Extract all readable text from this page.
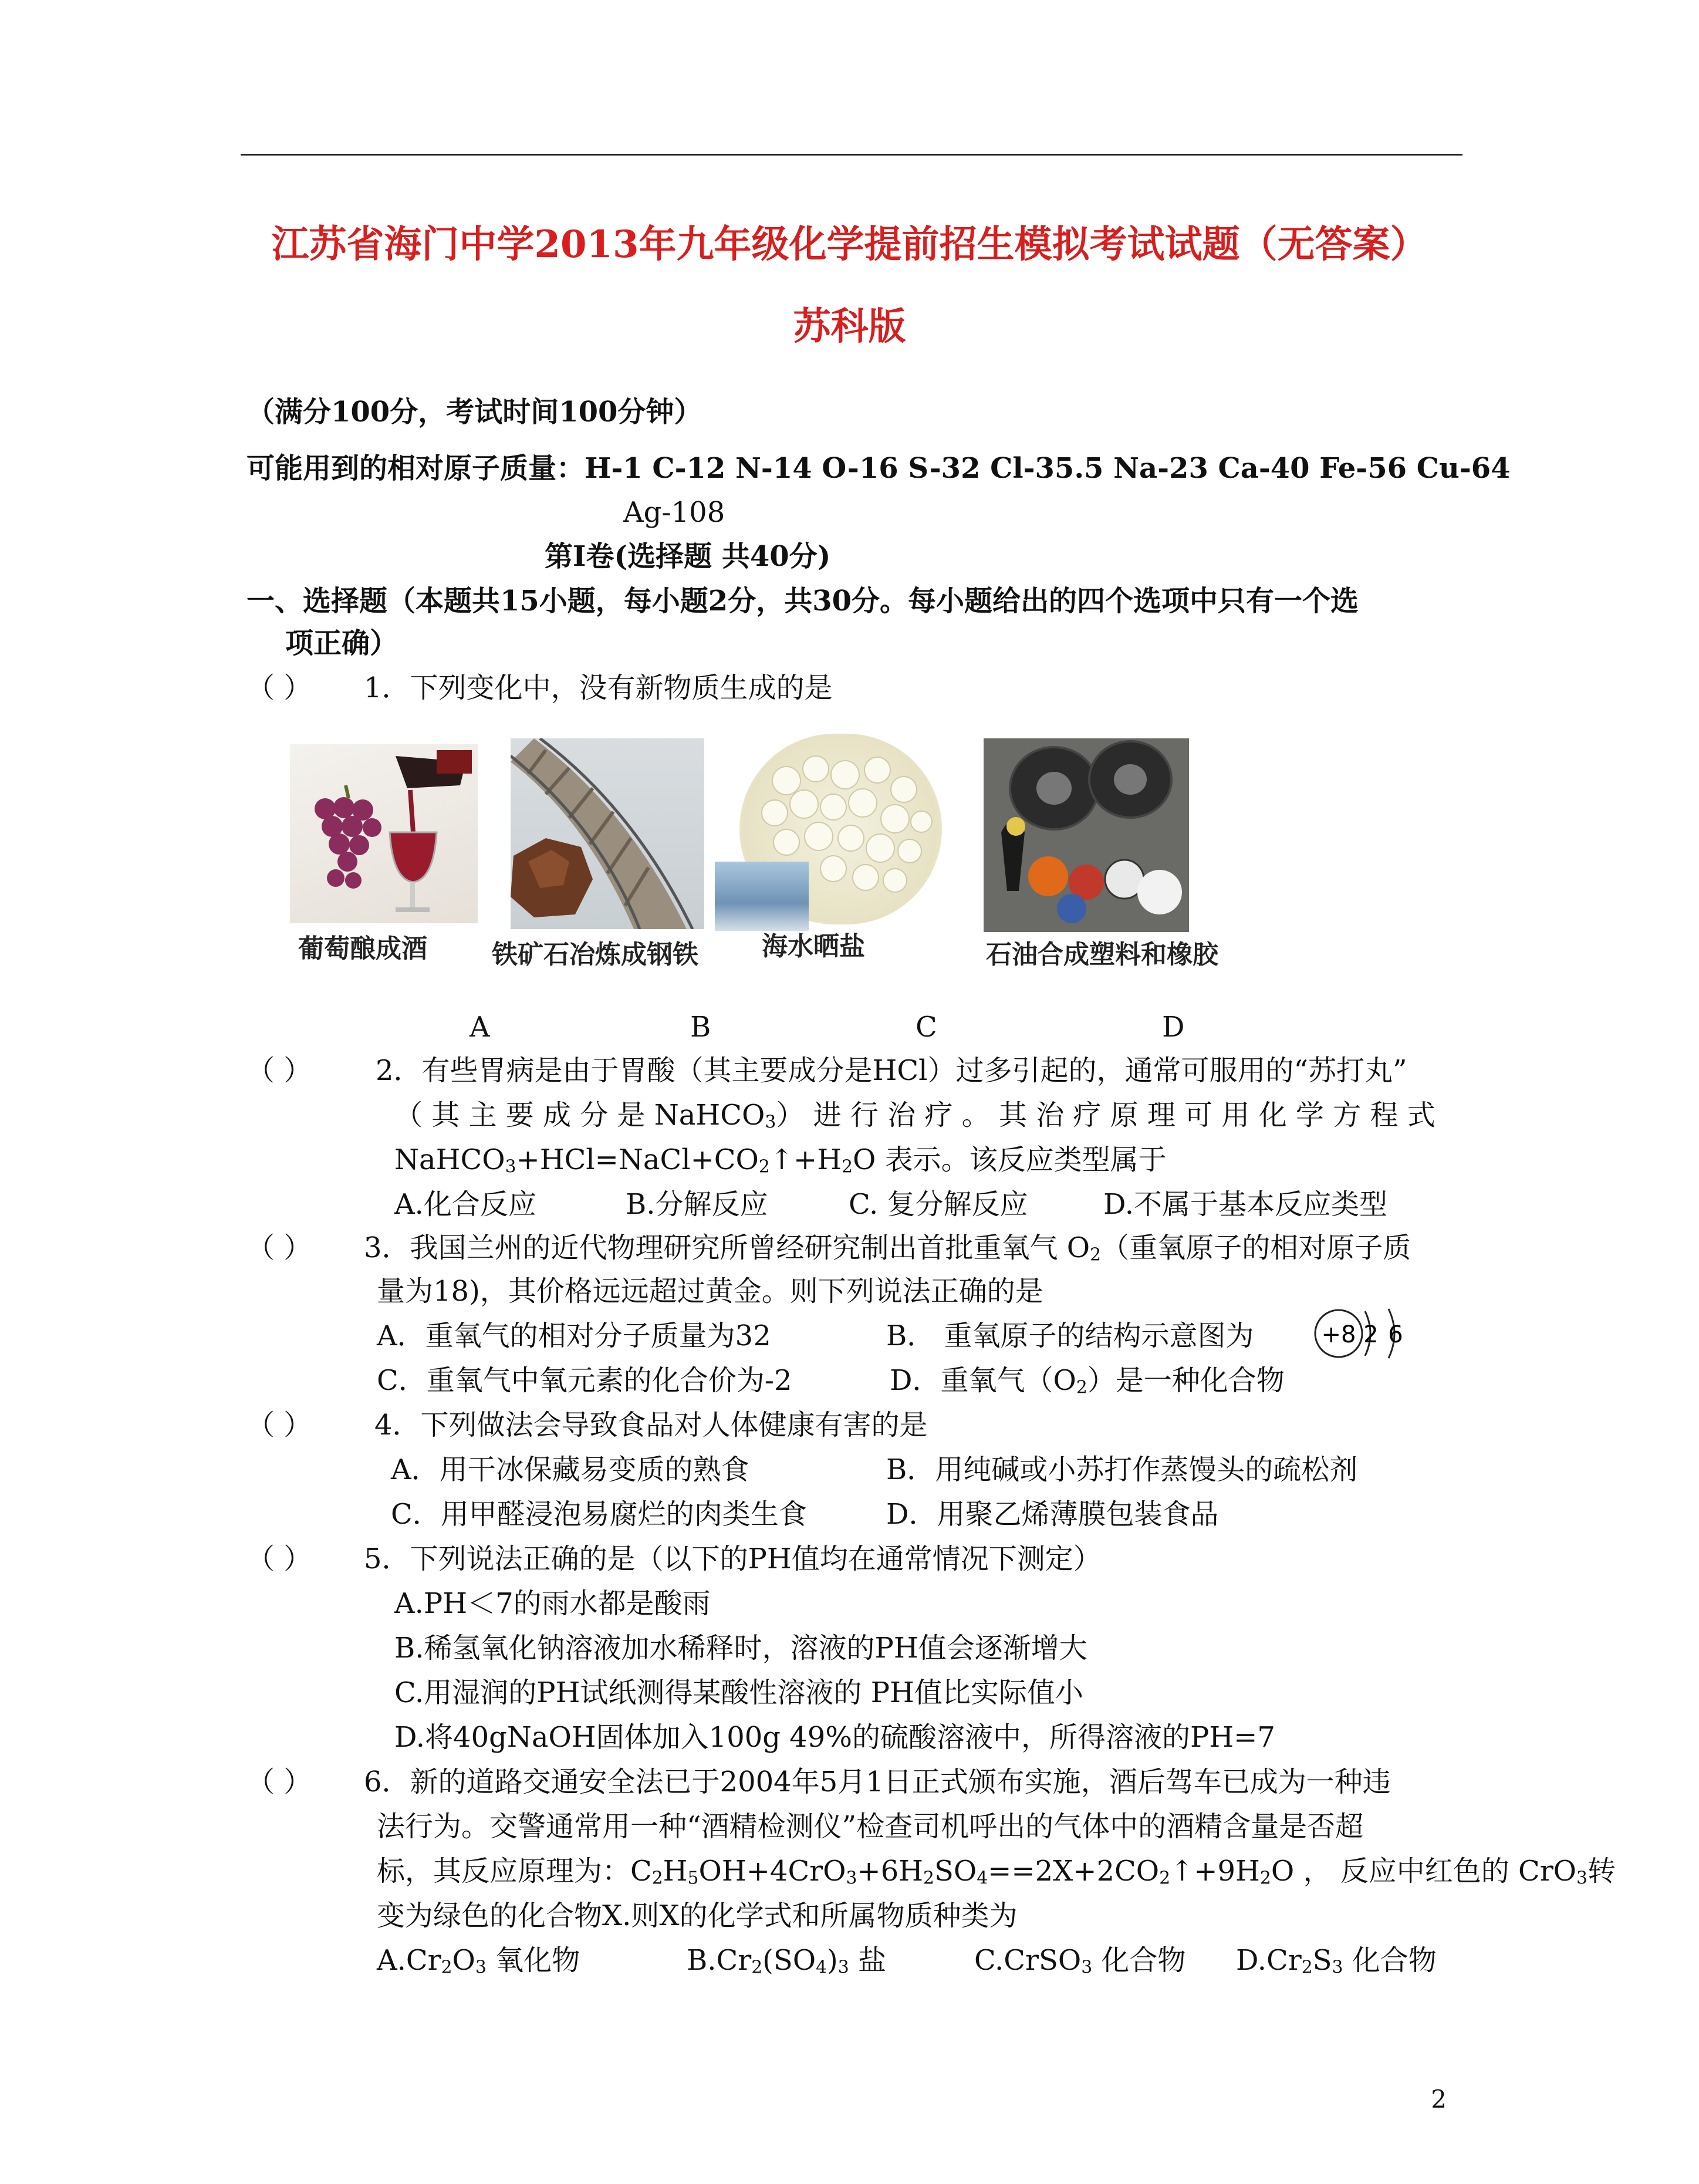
江苏省海门中学2013年九年级化学提前招生模拟考试试题（无答案）
苏科版
（满分100分，考试时间100分钟）
可能用到的相对原子质量：H-1 C-12 N-14 O-16 S-32 Cl-35.5 Na-23 Ca-40 Fe-56 Cu-64
Ag-108
第Ⅰ卷(选择题 共40分)
一、选择题（本题共15小题，每小题2分，共30分。每小题给出的四个选项中只有一个选
项正确）
（ ） 1．下列变化中，没有新物质生成的是
葡萄酿成酒	铁矿石冶炼成钢铁 海水晒盐	石油合成塑料和橡胶
A	B	C	D
（ ） 2．有些胃病是由于胃酸（其主要成分是HCl）过多引起的，通常可服用的“苏打丸”
（ 其 主 要 成 分 是 NaHCO3） 进 行 治 疗 。 其 治 疗 原 理 可 用 化 学 方 程 式
NaHCO3+HCl=NaCl+CO2↑+H2O 表示。该反应类型属于
A.化合反应	B.分解反应	C. 复分解反应	D.不属于基本反应类型
（ ） 3．我国兰州的近代物理研究所曾经研究制出首批重氧气 O2（重氧原子的相对原子质
量为18)，其价格远远超过黄金。则下列说法正确的是
A．重氧气的相对分子质量为32	B． 重氧原子的结构示意图为	+8 2 6
C．重氧气中氧元素的化合价为-2	D．重氧气（O2）是一种化合物
（ ） 4．下列做法会导致食品对人体健康有害的是
A．用干冰保藏易变质的熟食	B．用纯碱或小苏打作蒸馒头的疏松剂
C．用甲醛浸泡易腐烂的肉类生食	D．用聚乙烯薄膜包装食品
（ ） 5．下列说法正确的是（以下的PH值均在通常情况下测定）
A.PH＜7的雨水都是酸雨
B.稀氢氧化钠溶液加水稀释时，溶液的PH值会逐渐增大
C.用湿润的PH试纸测得某酸性溶液的 PH值比实际值小
D.将40gNaOH固体加入100g 49%的硫酸溶液中，所得溶液的PH=7
（ ） 6．新的道路交通安全法已于2004年5月1日正式颁布实施，酒后驾车已成为一种违
法行为。交警通常用一种“酒精检测仪”检查司机呼出的气体中的酒精含量是否超
标，其反应原理为：C2H5OH+4CrO3+6H2SO4==2X+2CO2↑+9H2O ， 反应中红色的 CrO3转
变为绿色的化合物X.则X的化学式和所属物质种类为
A.Cr2O3 氧化物	B.Cr2(SO4)3 盐	C.CrSO3 化合物 D.Cr2S3 化合物
2
